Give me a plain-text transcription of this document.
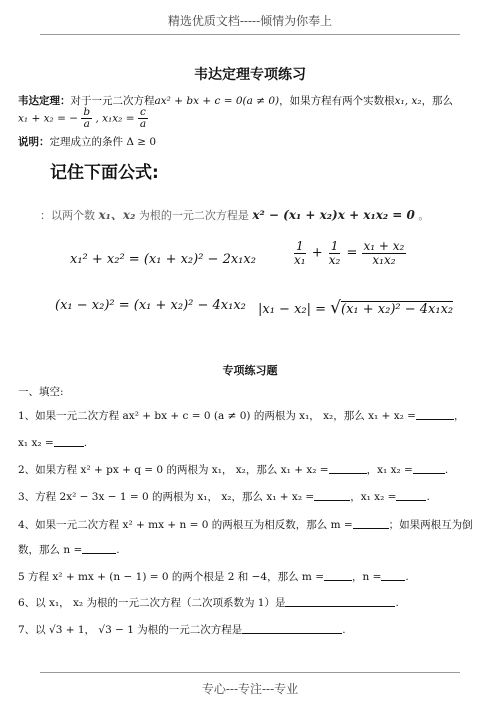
精选优质文档-----倾情为你奉上
韦达定理专项练习
韦达定理：对于一元二次方程ax² + bx + c = 0(a ≠ 0)，如果方程有两个实数根x₁, x₂，那么
x₁ + x₂ = − $\frac{b}{a}$ , $x_1x_2 = \frac{c}{a}$
说明：定理成立的条件 Δ ≥ 0
记住下面公式:
：以两个数 x₁、x₂ 为根的一元二次方程是 x² − (x₁ + x₂)x + x₁x₂ = 0 。
x₁² + x₂² = (x₁ + x₂)² − 2x₁x₂	$\frac{1}{\text{x₁}} + \frac{1}{\text{x₂}} = \frac{\text{x₁ + x₂}}{\text{x₁x₂}}$
(x₁ − x₂)² = (x₁ + x₂)² − 4x₁x₂ |x₁ − x₂| = √(x₁ + x₂)² − 4x₁x₂
专项练习题
一、填空:
1、如果一元二次方程 ax² + bx + c = 0 (a ≠ 0) 的两根为 x₁， x₂，那么 x₁ + x₂ =	，
x₁ x₂ =	.
2、如果方程 x² + px + q = 0 的两根为 x₁， x₂，那么 x₁ + x₂ =	，x₁ x₂ =	.
3、方程 2x² − 3x − 1 = 0 的两根为 x₁， x₂，那么 x₁ + x₂ =	，x₁ x₂ =	.
4、如果一元二次方程 x² + mx + n = 0 的两根互为相反数，那么 m =	；如果两根互为倒
数，那么 n =	.
5 方程 x² + mx + (n − 1) = 0 的两个根是 2 和 −4，那么 m =	，n = .
6、以 x₁， x₂ 为根的一元二次方程（二次项系数为 1）是	.
7、以 √3 + 1， √3 − 1 为根的一元二次方程是	.
专心---专注---专业
